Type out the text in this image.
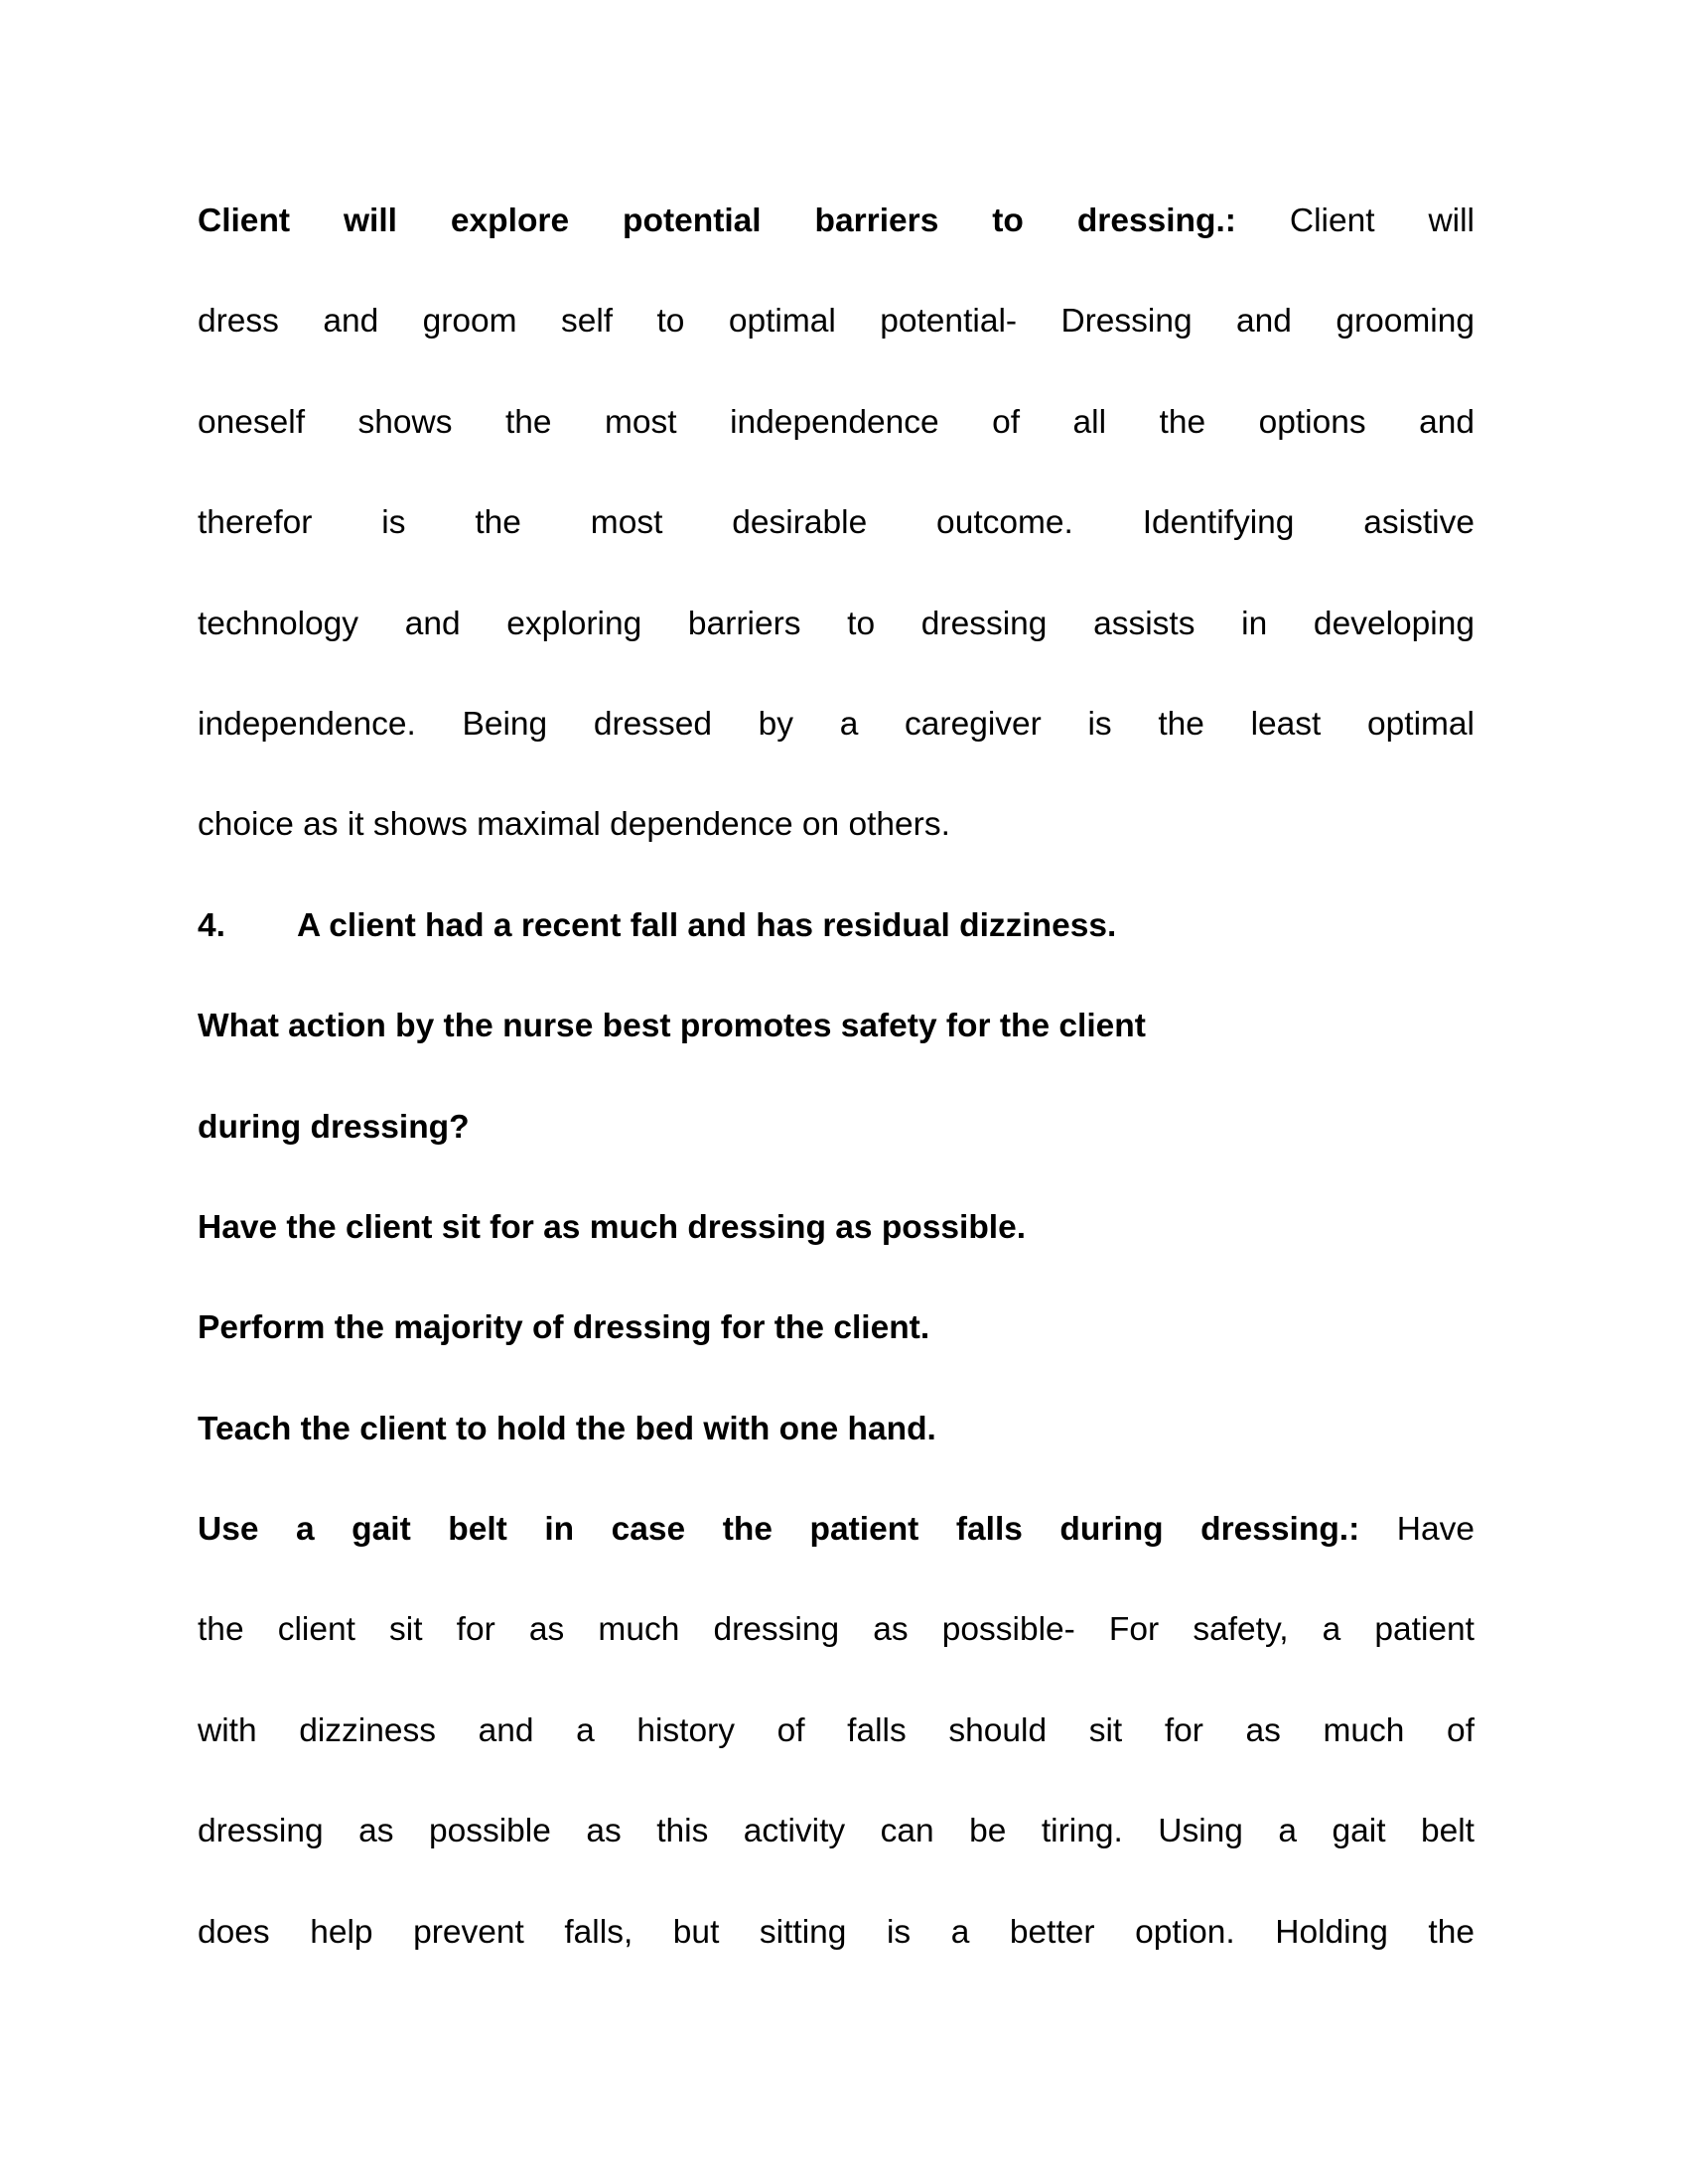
Client will explore potential barriers to dressing.: Client will
dress and groom self to optimal potential- Dressing and grooming
oneself shows the most independence of all the options and
therefor is the most desirable outcome. Identifying asistive
technology and exploring barriers to dressing assists in developing
independence. Being dressed by a caregiver is the least optimal
choice as it shows maximal dependence on others.
4. A client had a recent fall and has residual dizziness.
What action by the nurse best promotes safety for the client
during dressing?
Have the client sit for as much dressing as possible.
Perform the majority of dressing for the client.
Teach the client to hold the bed with one hand.
Use a gait belt in case the patient falls during dressing.: Have
the client sit for as much dressing as possible- For safety, a patient
with dizziness and a history of falls should sit for as much of
dressing as possible as this activity can be tiring. Using a gait belt
does help prevent falls, but sitting is a better option. Holding the
